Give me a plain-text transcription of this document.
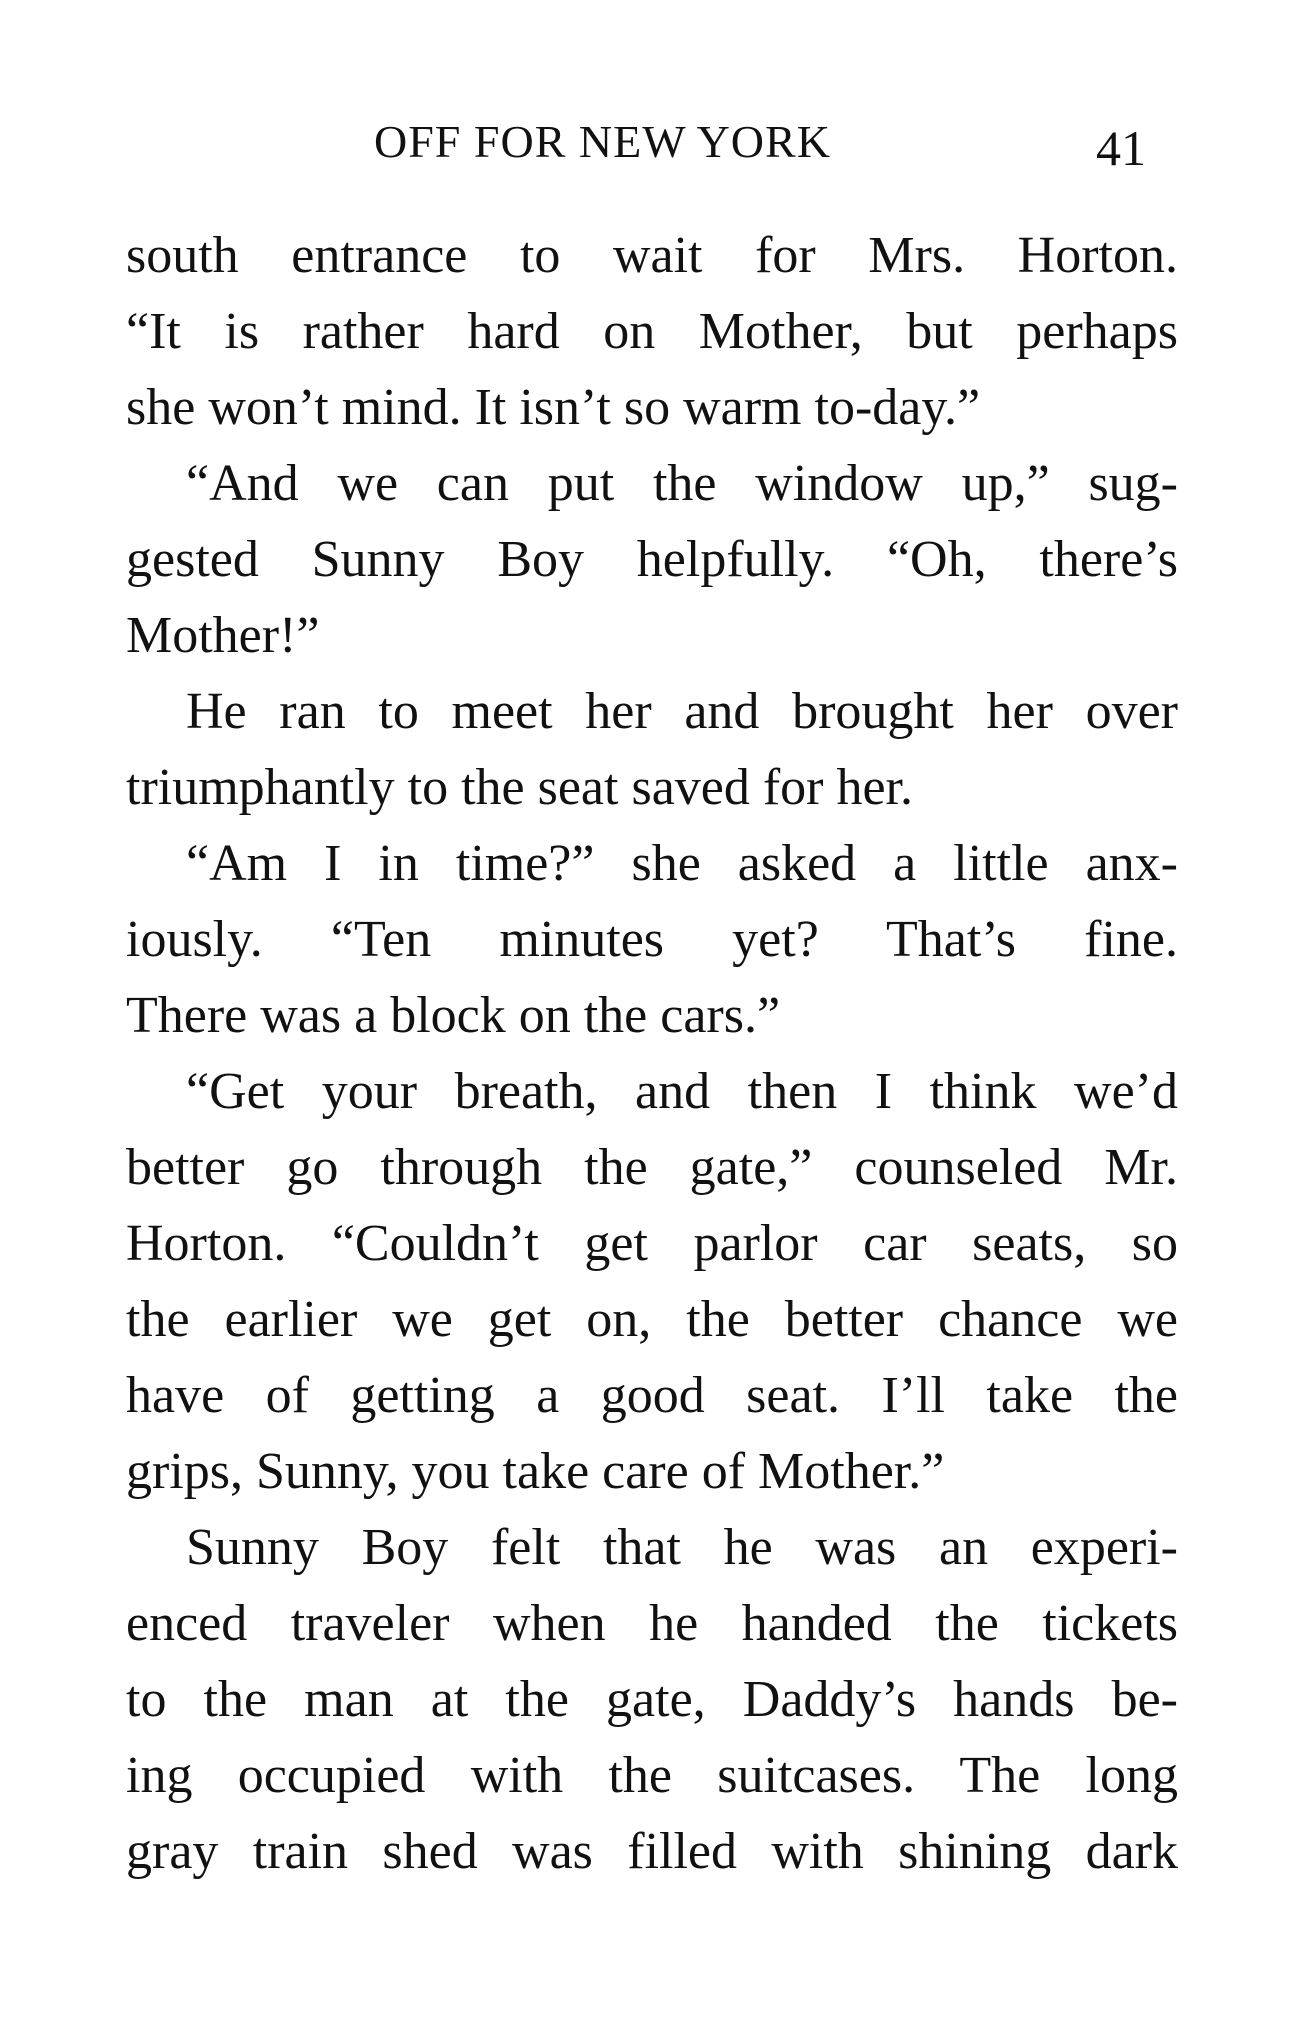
OFF FOR NEW YORK	41
south entrance to wait for Mrs. Horton.
“It is rather hard on Mother, but perhaps
she won’t mind. It isn’t so warm to-day.”
“And we can put the window up,” sug-
gested Sunny Boy helpfully. “Oh, there’s
Mother!”
He ran to meet her and brought her over
triumphantly to the seat saved for her.
“Am I in time?” she asked a little anx-
iously. “Ten minutes yet? That’s fine.
There was a block on the cars.”
“Get your breath, and then I think we’d
better go through the gate,” counseled Mr.
Horton. “Couldn’t get parlor car seats, so
the earlier we get on, the better chance we
have of getting a good seat. I’ll take the
grips, Sunny, you take care of Mother.”
Sunny Boy felt that he was an experi-
enced traveler when he handed the tickets
to the man at the gate, Daddy’s hands be-
ing occupied with the suitcases. The long
gray train shed was filled with shining dark
